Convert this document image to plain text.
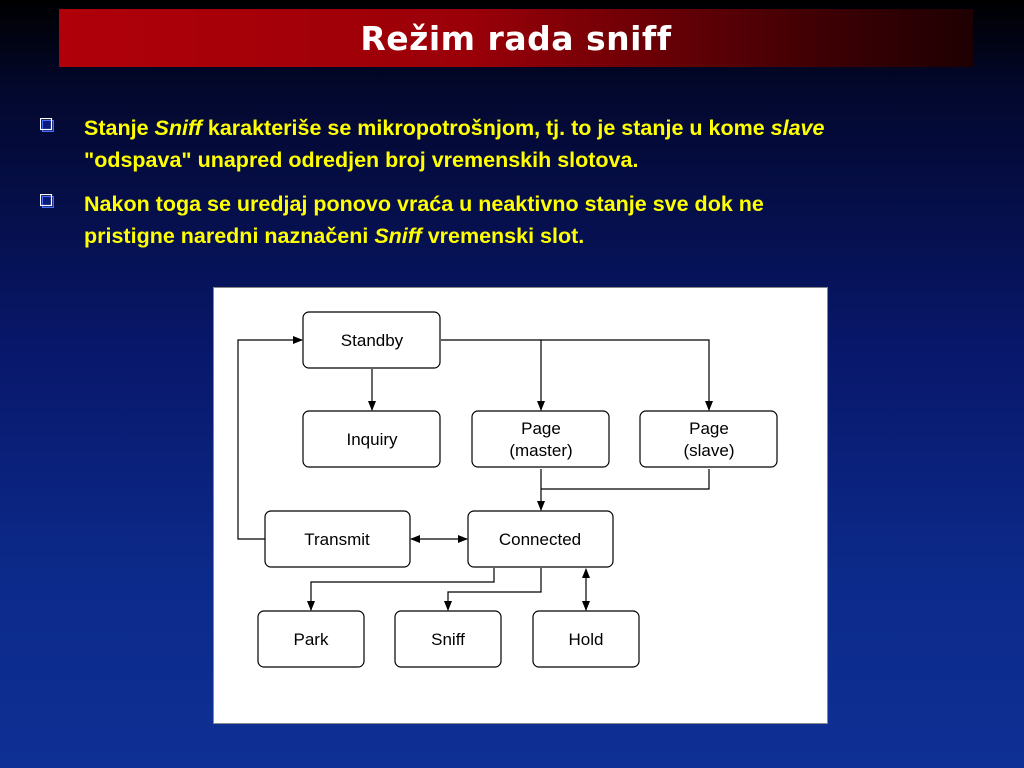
Režim rada sniff
Stanje Sniff karakteriše se mikropotrošnjom, tj. to je stanje u kome slave
"odspava" unapred odredjen broj vremenskih slotova.
Nakon toga se uredjaj ponovo vraća u neaktivno stanje sve dok ne
pristigne naredni naznačeni Sniff vremenski slot.
Standby
Inquiry
Page
(master)
Page
(slave)
Transmit	Connected
Park	Sniff	Hold
